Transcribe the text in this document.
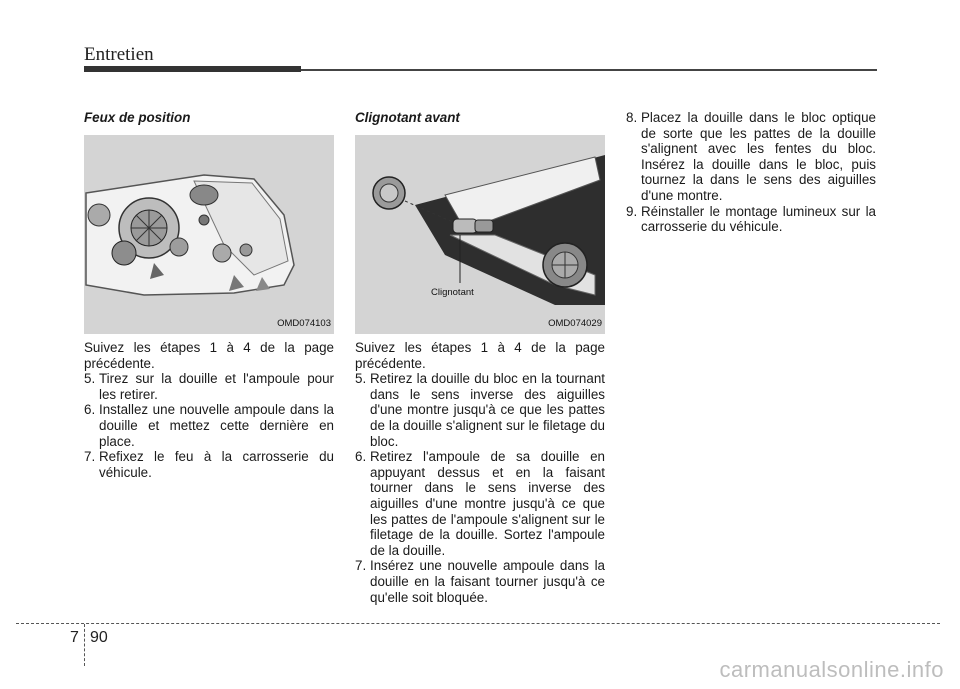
Entretien
Feux de position
OMD074103

Suivez les étapes 1 à 4 de la page précédente.

5. Tirez sur la douille et l'ampoule pour les retirer.
6. Installez une nouvelle ampoule dans la douille et mettez cette dernière en place.
7. Refixez le feu à la carrosserie du véhicule.
Clignotant avant
Clignotant
OMD074029

Suivez les étapes 1 à 4 de la page précédente.

5. Retirez la douille du bloc en la tournant dans le sens inverse des aiguilles d'une montre jusqu'à ce que les pattes de la douille s'alignent sur le filetage du bloc.
6. Retirez l'ampoule de sa douille en appuyant dessus et en la faisant tourner dans le sens inverse des aiguilles d'une montre jusqu'à ce que les pattes de l'ampoule s'alignent sur le filetage de la douille. Sortez l'ampoule de la douille.
7. Insérez une nouvelle ampoule dans la douille en la faisant tourner jusqu'à ce qu'elle soit bloquée.
8. Placez la douille dans le bloc optique de sorte que les pattes de la douille s'alignent avec les fentes du bloc. Insérez la douille dans le bloc, puis tournez la dans le sens des aiguilles d'une montre.
9. Réinstaller le montage lumineux sur la carrosserie du véhicule.
7 90
carmanualsonline.info
